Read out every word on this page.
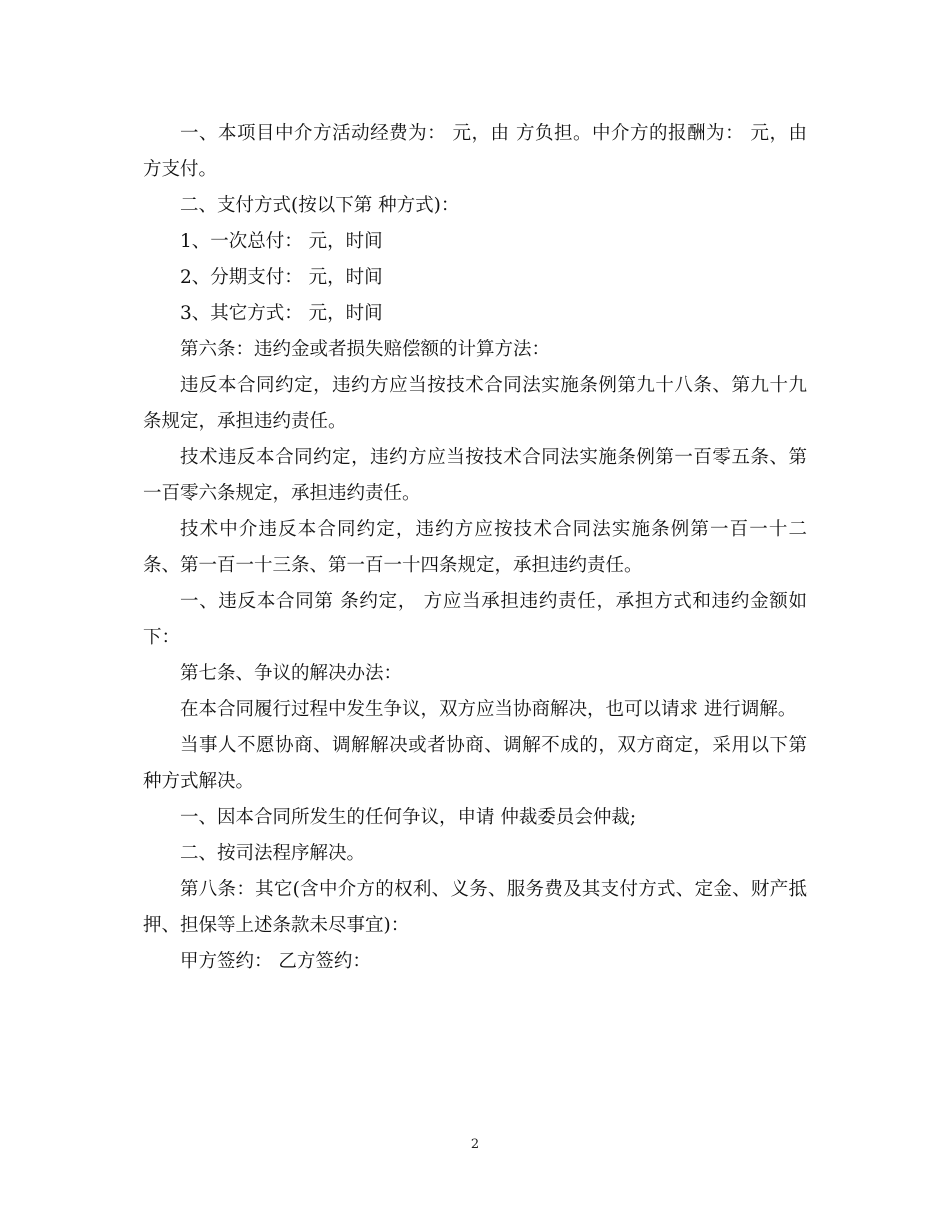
一、本项目中介方活动经费为： 元，由 方负担。中介方的报酬为： 元，由 方支付。

二、支付方式(按以下第 种方式)：

1、一次总付： 元，时间

2、分期支付： 元，时间

3、其它方式： 元，时间

第六条：违约金或者损失赔偿额的计算方法：

违反本合同约定，违约方应当按技术合同法实施条例第九十八条、第九十九条规定，承担违约责任。

技术违反本合同约定，违约方应当按技术合同法实施条例第一百零五条、第一百零六条规定，承担违约责任。

技术中介违反本合同约定，违约方应按技术合同法实施条例第一百一十二条、第一百一十三条、第一百一十四条规定，承担违约责任。

一、违反本合同第 条约定， 方应当承担违约责任，承担方式和违约金额如下：

第七条、争议的解决办法：

在本合同履行过程中发生争议，双方应当协商解决，也可以请求 进行调解。

当事人不愿协商、调解解决或者协商、调解不成的，双方商定，采用以下第 种方式解决。

一、因本合同所发生的任何争议，申请 仲裁委员会仲裁;

二、按司法程序解决。

第八条：其它(含中介方的权利、义务、服务费及其支付方式、定金、财产抵押、担保等上述条款未尽事宜)：

甲方签约： 乙方签约：

2
